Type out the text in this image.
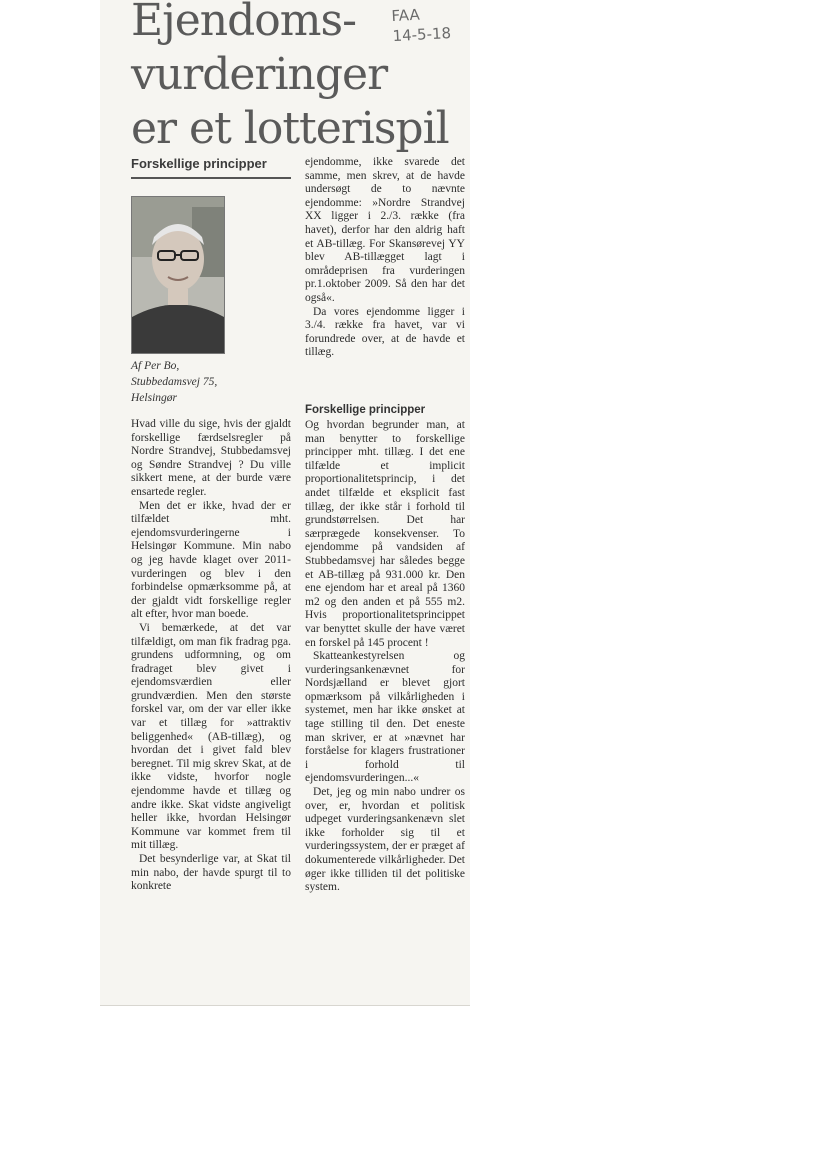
Ejendoms-
vurderinger
er et lotterispil
FAA
14-5-18
Forskellige principper
Af Per Bo,
Stubbedamsvej 75,
Helsingør

Hvad ville du sige, hvis der gjaldt forskellige færdselsregler på Nordre Strandvej, Stubbedamsvej og Søndre Strandvej ? Du ville sikkert mene, at der burde være ensartede regler.

Men det er ikke, hvad der er tilfældet mht. ejendomsvurderingerne i Helsingør Kommune. Min nabo og jeg havde klaget over 2011-vurderingen og blev i den forbindelse opmærksomme på, at der gjaldt vidt forskellige regler alt efter, hvor man boede.

Vi bemærkede, at det var tilfældigt, om man fik fradrag pga. grundens udformning, og om fradraget blev givet i ejendomsværdien eller grundværdien. Men den største forskel var, om der var eller ikke var et tillæg for »attraktiv beliggenhed« (AB-tillæg), og hvordan det i givet fald blev beregnet. Til mig skrev Skat, at de ikke vidste, hvorfor nogle ejendomme havde et tillæg og andre ikke. Skat vidste angiveligt heller ikke, hvordan Helsingør Kommune var kommet frem til mit tillæg.

Det besynderlige var, at Skat til min nabo, der havde spurgt til to konkrete

ejendomme, ikke svarede det samme, men skrev, at de havde undersøgt de to nævnte ejendomme: »Nordre Strandvej XX ligger i 2./3. række (fra havet), derfor har den aldrig haft et AB-tillæg. For Skansørevej YY blev AB-tillægget lagt i områdeprisen fra vurderingen pr.1.oktober 2009. Så den har det også«.

Da vores ejendomme ligger i 3./4. række fra havet, var vi forundrede over, at de havde et tillæg.

Forskellige principper

Og hvordan begrunder man, at man benytter to forskellige principper mht. tillæg. I det ene tilfælde et implicit proportionalitetsprincip, i det andet tilfælde et eksplicit fast tillæg, der ikke står i forhold til grundstørrelsen. Det har særprægede konsekvenser. To ejendomme på vandsiden af Stubbedamsvej har således begge et AB-tillæg på 931.000 kr. Den ene ejendom har et areal på 1360 m2 og den anden et på 555 m2. Hvis proportionalitetsprincippet var benyttet skulle der have været en forskel på 145 procent !

Skatteankestyrelsen og vurderingsankenævnet for Nordsjælland er blevet gjort opmærksom på vilkårligheden i systemet, men har ikke ønsket at tage stilling til den. Det eneste man skriver, er at »nævnet har forståelse for klagers frustrationer i forhold til ejendomsvurderingen...«

Det, jeg og min nabo undrer os over, er, hvordan et politisk udpeget vurderingsankenævn slet ikke forholder sig til et vurderingssystem, der er præget af dokumenterede vilkårligheder. Det øger ikke tilliden til det politiske system.
